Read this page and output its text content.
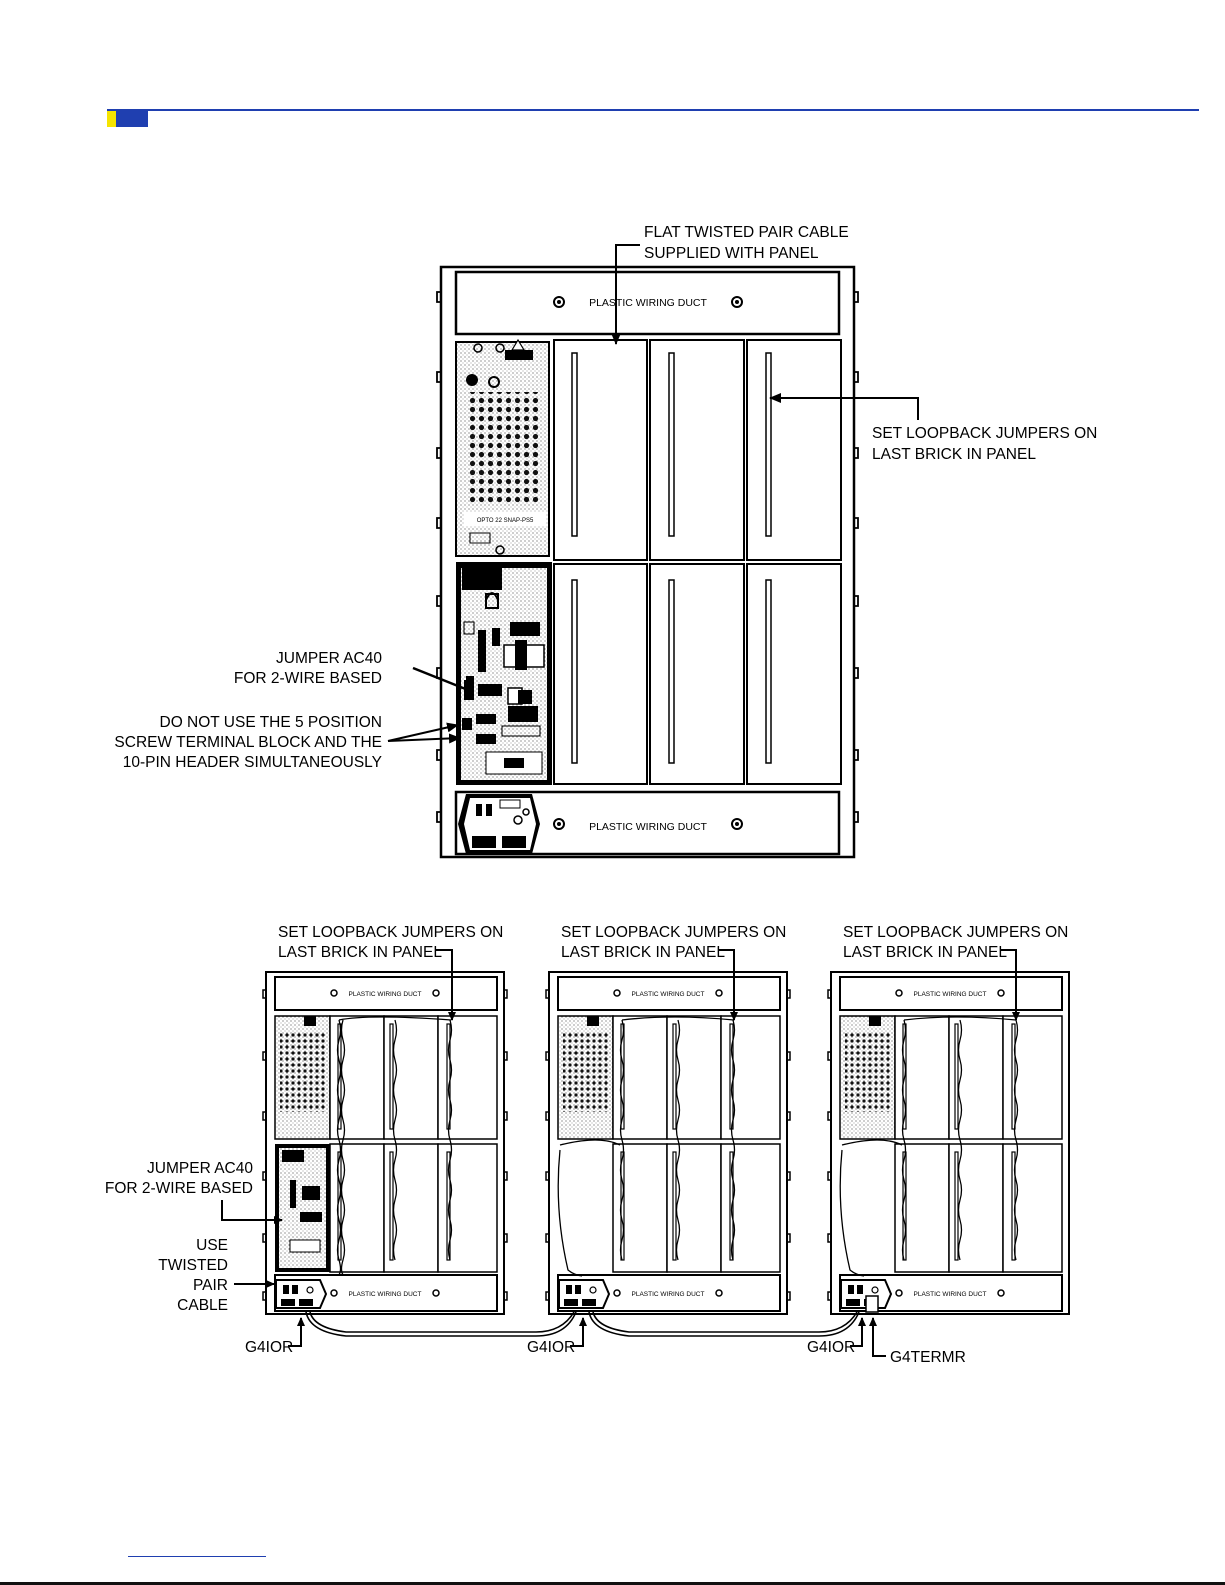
PLASTIC WIRING DUCT
OPTO 22 SNAP-PS5
PLASTIC WIRING DUCT
FLAT TWISTED PAIR CABLE
SUPPLIED WITH PANEL
SET LOOPBACK JUMPERS ON
LAST BRICK IN PANEL
JUMPER AC40
FOR 2-WIRE BASED
DO NOT USE THE 5 POSITION
SCREW TERMINAL BLOCK AND THE
10-PIN HEADER SIMULTANEOUSLY
PLASTIC WIRING DUCT	PLASTIC WIRING DUCT	PLASTIC WIRING DUCT
PLASTIC WIRING DUCT	PLASTIC WIRING DUCT	PLASTIC WIRING DUCT
SET LOOPBACK JUMPERS ON
LAST BRICK IN PANEL
SET LOOPBACK JUMPERS ON
LAST BRICK IN PANEL
SET LOOPBACK JUMPERS ON
LAST BRICK IN PANEL
JUMPER AC40
FOR 2-WIRE BASED
USE
TWISTED
PAIR
CABLE
G4IOR	G4IOR	G4IOR
G4TERMR
